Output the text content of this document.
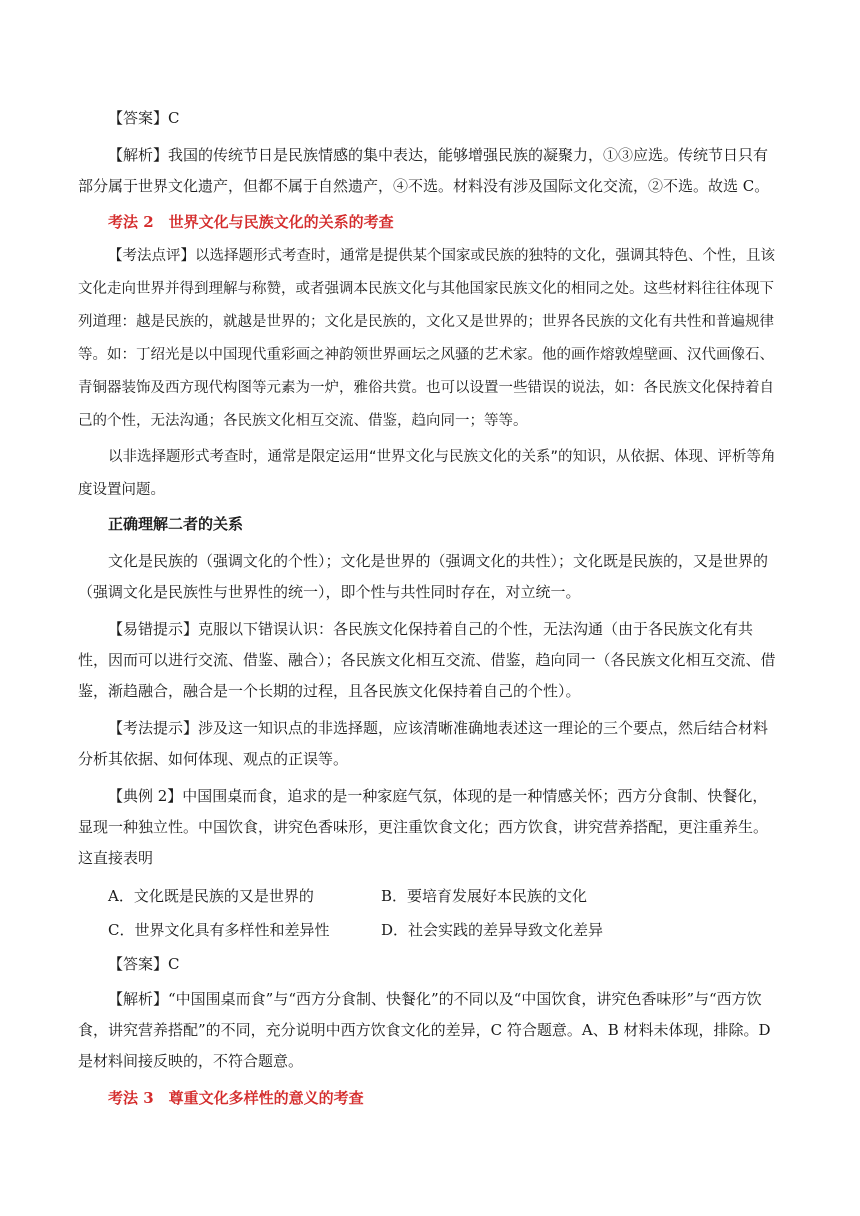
【答案】C

【解析】我国的传统节日是民族情感的集中表达，能够增强民族的凝聚力，①③应选。传统节日只有部分属于世界文化遗产，但都不属于自然遗产，④不选。材料没有涉及国际文化交流，②不选。故选 C。

考法 2　世界文化与民族文化的关系的考查

【考法点评】以选择题形式考查时，通常是提供某个国家或民族的独特的文化，强调其特色、个性，且该文化走向世界并得到理解与称赞，或者强调本民族文化与其他国家民族文化的相同之处。这些材料往往体现下列道理：越是民族的，就越是世界的；文化是民族的，文化又是世界的；世界各民族的文化有共性和普遍规律等。如：丁绍光是以中国现代重彩画之神韵领世界画坛之风骚的艺术家。他的画作熔敦煌壁画、汉代画像石、青铜器装饰及西方现代构图等元素为一炉，雅俗共赏。也可以设置一些错误的说法，如：各民族文化保持着自己的个性，无法沟通；各民族文化相互交流、借鉴，趋向同一；等等。

以非选择题形式考查时，通常是限定运用“世界文化与民族文化的关系”的知识，从依据、体现、评析等角度设置问题。

正确理解二者的关系

文化是民族的（强调文化的个性）；文化是世界的（强调文化的共性）；文化既是民族的，又是世界的（强调文化是民族性与世界性的统一），即个性与共性同时存在，对立统一。

【易错提示】克服以下错误认识：各民族文化保持着自己的个性，无法沟通（由于各民族文化有共性，因而可以进行交流、借鉴、融合）；各民族文化相互交流、借鉴，趋向同一（各民族文化相互交流、借鉴，渐趋融合，融合是一个长期的过程，且各民族文化保持着自己的个性）。

【考法提示】涉及这一知识点的非选择题，应该清晰准确地表述这一理论的三个要点，然后结合材料分析其依据、如何体现、观点的正误等。

【典例 2】中国围桌而食，追求的是一种家庭气氛，体现的是一种情感关怀；西方分食制、快餐化，显现一种独立性。中国饮食，讲究色香味形，更注重饮食文化；西方饮食，讲究营养搭配，更注重养生。这直接表明

A．文化既是民族的又是世界的	B．要培育发展好本民族的文化
C．世界文化具有多样性和差异性	D．社会实践的差异导致文化差异

【答案】C

【解析】“中国围桌而食”与“西方分食制、快餐化”的不同以及“中国饮食，讲究色香味形”与“西方饮食，讲究营养搭配”的不同，充分说明中西方饮食文化的差异，C 符合题意。A、B 材料未体现，排除。D 是材料间接反映的，不符合题意。

考法 3　尊重文化多样性的意义的考查
